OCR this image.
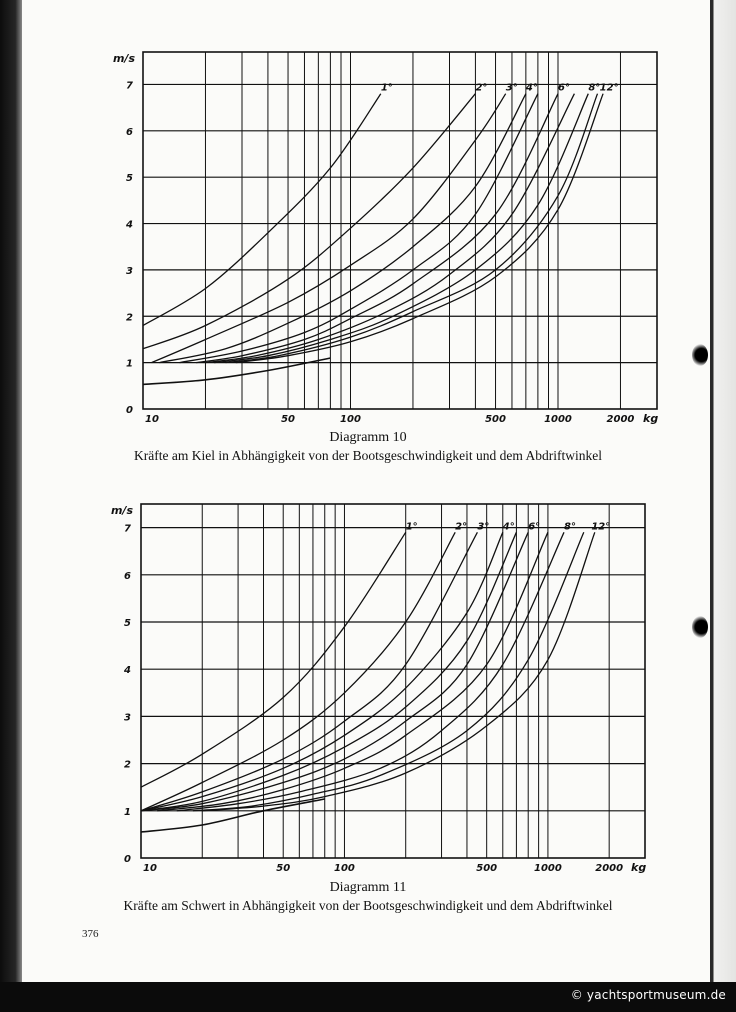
0
1
2
3
4
5
6
7
10	50	100	500	1000	2000
m/s
kg
1°	2° 3° 4° 6° 8° 12°
0
1
2
3
4
5
6
7
10	50	100	500	1000	2000
m/s
kg
1°	2° 3° 4° 6° 8° 12°
Diagramm 10
Kräfte am Kiel in Abhängigkeit von der Bootsgeschwindigkeit und dem Abdriftwinkel
Diagramm 11
Kräfte am Schwert in Abhängigkeit von der Bootsgeschwindigkeit und dem Abdriftwinkel
376
© yachtsportmuseum.de
